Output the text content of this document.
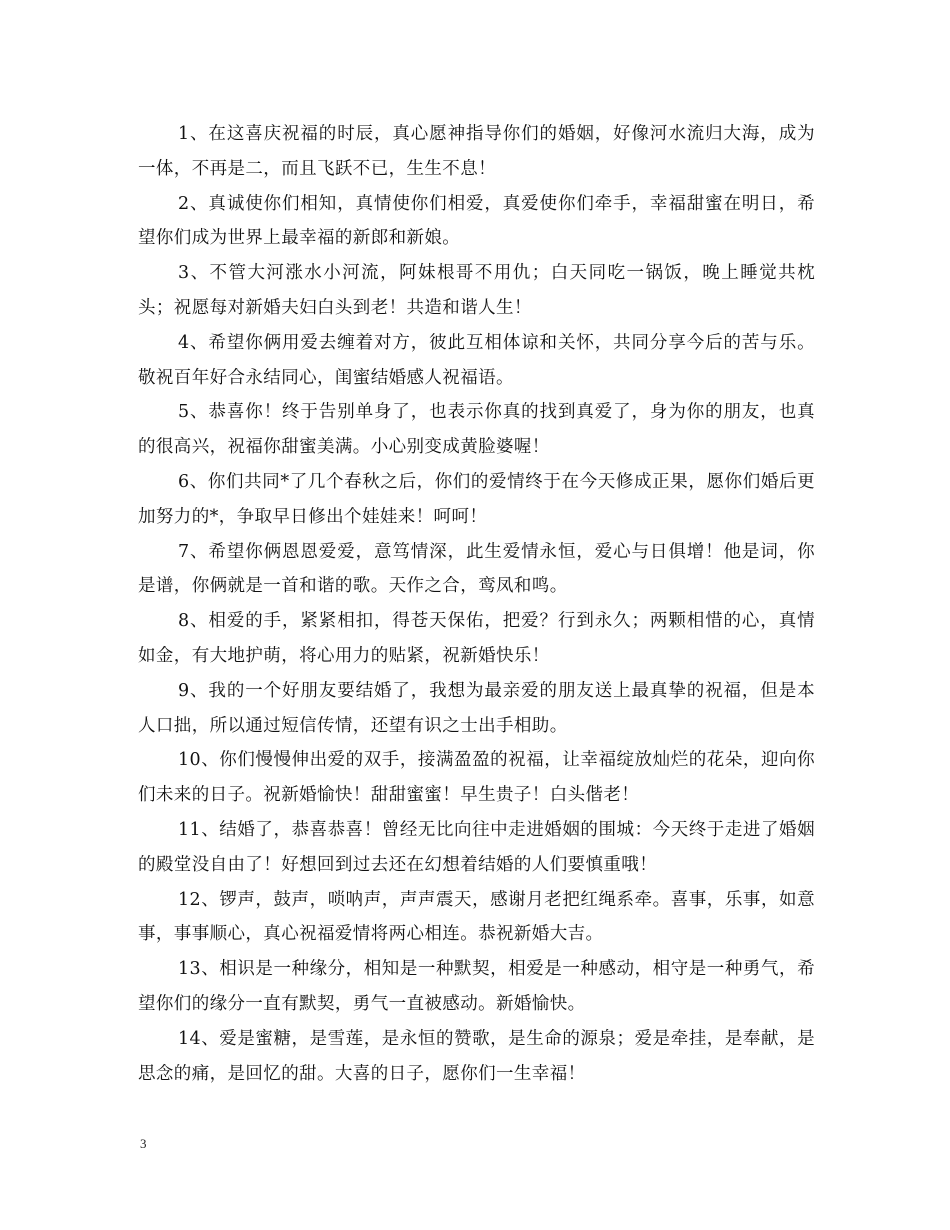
1、在这喜庆祝福的时辰，真心愿神指导你们的婚姻，好像河水流归大海，成为一体，不再是二，而且飞跃不已，生生不息！

2、真诚使你们相知，真情使你们相爱，真爱使你们牵手，幸福甜蜜在明日，希望你们成为世界上最幸福的新郎和新娘。

3、不管大河涨水小河流，阿妹根哥不用仇；白天同吃一锅饭，晚上睡觉共枕头；祝愿每对新婚夫妇白头到老！共造和谐人生！

4、希望你俩用爱去缠着对方，彼此互相体谅和关怀，共同分享今后的苦与乐。敬祝百年好合永结同心，闺蜜结婚感人祝福语。

5、恭喜你！终于告别单身了，也表示你真的找到真爱了，身为你的朋友，也真的很高兴，祝福你甜蜜美满。小心别变成黄脸婆喔！

6、你们共同*了几个春秋之后，你们的爱情终于在今天修成正果，愿你们婚后更加努力的*，争取早日修出个娃娃来！呵呵！

7、希望你俩恩恩爱爱，意笃情深，此生爱情永恒，爱心与日俱增！他是词，你是谱，你俩就是一首和谐的歌。天作之合，鸾凤和鸣。

8、相爱的手，紧紧相扣，得苍天保佑，把爱？行到永久；两颗相惜的心，真情如金，有大地护萌，将心用力的贴紧，祝新婚快乐！

9、我的一个好朋友要结婚了，我想为最亲爱的朋友送上最真挚的祝福，但是本人口拙，所以通过短信传情，还望有识之士出手相助。

10、你们慢慢伸出爱的双手，接满盈盈的祝福，让幸福绽放灿烂的花朵，迎向你们未来的日子。祝新婚愉快！甜甜蜜蜜！早生贵子！白头偕老！

11、结婚了，恭喜恭喜！曾经无比向往中走进婚姻的围城：今天终于走进了婚姻的殿堂没自由了！好想回到过去还在幻想着结婚的人们要慎重哦！

12、锣声，鼓声，唢呐声，声声震天，感谢月老把红绳系牵。喜事，乐事，如意事，事事顺心，真心祝福爱情将两心相连。恭祝新婚大吉。

13、相识是一种缘分，相知是一种默契，相爱是一种感动，相守是一种勇气，希望你们的缘分一直有默契，勇气一直被感动。新婚愉快。

14、爱是蜜糖，是雪莲，是永恒的赞歌，是生命的源泉；爱是牵挂，是奉献，是思念的痛，是回忆的甜。大喜的日子，愿你们一生幸福！

3
